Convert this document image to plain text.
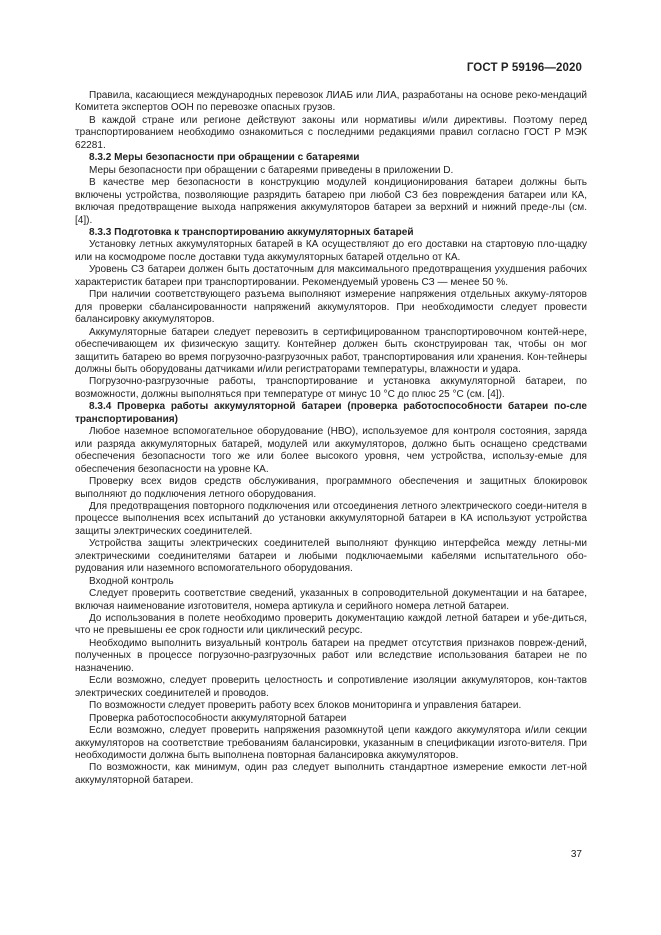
ГОСТ Р 59196—2020

Правила, касающиеся международных перевозок ЛИАБ или ЛИА, разработаны на основе реко-мендаций Комитета экспертов ООН по перевозке опасных грузов.

В каждой стране или регионе действуют законы или нормативы и/или директивы. Поэтому перед транспортированием необходимо ознакомиться с последними редакциями правил согласно ГОСТ Р МЭК 62281.

8.3.2 Меры безопасности при обращении с батареями

Меры безопасности при обращении с батареями приведены в приложении D.

В качестве мер безопасности в конструкцию модулей кондиционирования батареи должны быть включены устройства, позволяющие разрядить батарею при любой СЗ без повреждения батареи или КА, включая предотвращение выхода напряжения аккумуляторов батареи за верхний и нижний преде-лы (см. [4]).

8.3.3 Подготовка к транспортированию аккумуляторных батарей

Установку летных аккумуляторных батарей в КА осуществляют до его доставки на стартовую пло-щадку или на космодроме после доставки туда аккумуляторных батарей отдельно от КА.

Уровень СЗ батареи должен быть достаточным для максимального предотвращения ухудшения рабочих характеристик батареи при транспортировании. Рекомендуемый уровень СЗ — менее 50 %.

При наличии соответствующего разъема выполняют измерение напряжения отдельных аккуму-ляторов для проверки сбалансированности напряжений аккумуляторов. При необходимости следует провести балансировку аккумуляторов.

Аккумуляторные батареи следует перевозить в сертифицированном транспортировочном контей-нере, обеспечивающем их физическую защиту. Контейнер должен быть сконструирован так, чтобы он мог защитить батарею во время погрузочно-разгрузочных работ, транспортирования или хранения. Кон-тейнеры должны быть оборудованы датчиками и/или регистраторами температуры, влажности и удара.

Погрузочно-разгрузочные работы, транспортирование и установка аккумуляторной батареи, по возможности, должны выполняться при температуре от минус 10 °С до плюс 25 °С (см. [4]).

8.3.4 Проверка работы аккумуляторной батареи (проверка работоспособности батареи по-сле транспортирования)

Любое наземное вспомогательное оборудование (НВО), используемое для контроля состояния, заряда или разряда аккумуляторных батарей, модулей или аккумуляторов, должно быть оснащено средствами обеспечения безопасности того же или более высокого уровня, чем устройства, использу-емые для обеспечения безопасности на уровне КА.

Проверку всех видов средств обслуживания, программного обеспечения и защитных блокировок выполняют до подключения летного оборудования.

Для предотвращения повторного подключения или отсоединения летного электрического соеди-нителя в процессе выполнения всех испытаний до установки аккумуляторной батареи в КА используют устройства защиты электрических соединителей.

Устройства защиты электрических соединителей выполняют функцию интерфейса между летны-ми электрическими соединителями батареи и любыми подключаемыми кабелями испытательного обо-рудования или наземного вспомогательного оборудования.

Входной контроль

Следует проверить соответствие сведений, указанных в сопроводительной документации и на батарее, включая наименование изготовителя, номера артикула и серийного номера летной батареи.

До использования в полете необходимо проверить документацию каждой летной батареи и убе-диться, что не превышены ее срок годности или циклический ресурс.

Необходимо выполнить визуальный контроль батареи на предмет отсутствия признаков повреж-дений, полученных в процессе погрузочно-разгрузочных работ или вследствие использования батареи не по назначению.

Если возможно, следует проверить целостность и сопротивление изоляции аккумуляторов, кон-тактов электрических соединителей и проводов.

По возможности следует проверить работу всех блоков мониторинга и управления батареи.

Проверка работоспособности аккумуляторной батареи

Если возможно, следует проверить напряжения разомкнутой цепи каждого аккумулятора и/или секции аккумуляторов на соответствие требованиям балансировки, указанным в спецификации изгото-вителя. При необходимости должна быть выполнена повторная балансировка аккумуляторов.

По возможности, как минимум, один раз следует выполнить стандартное измерение емкости лет-ной аккумуляторной батареи.

37
